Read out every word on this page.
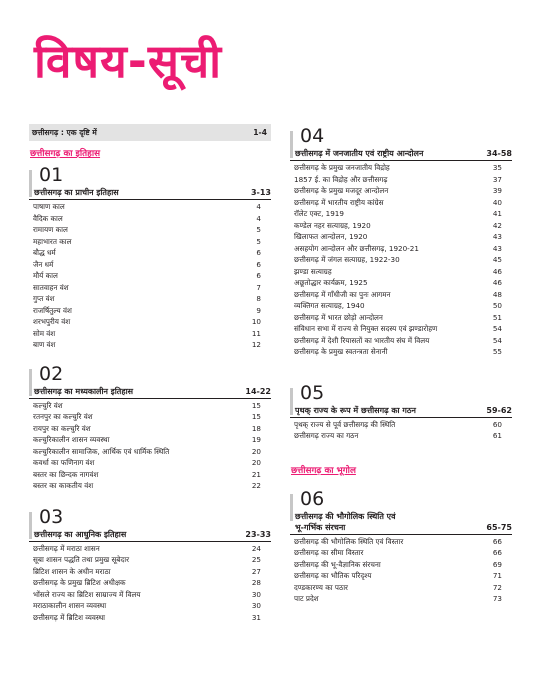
विषय-सूची
छत्तीसगढ़ : एक दृष्टि में	1-4
छत्तीसगढ़ का इतिहास
01
छत्तीसगढ़ का प्राचीन इतिहास	3-13
पाषाण काल	4
वैदिक काल	4
रामायण काल	5
महाभारत काल	5
बौद्ध धर्म	6
जैन धर्म	6
मौर्य काल	6
सातवाहन वंश	7
गुप्त वंश	8
राजर्षितुल्य वंश	9
शरभपुरीय वंश	10
सोम वंश	11
बाण वंश	12
02
छत्तीसगढ़ का मध्यकालीन इतिहास	14-22
कल्चुरि वंश	15
रतनपुर का कल्चुरि वंश	15
रायपुर का कल्चुरि वंश	18
कल्चुरिकालीन शासन व्यवस्था	19
कल्चुरिकालीन सामाजिक, आर्थिक एवं धार्मिक स्थिति	20
कवर्धा का फणिनाग वंश	20
बस्तर का छिन्दक नागवंश	21
बस्तर का काकतीय वंश	22
03
छत्तीसगढ़ का आधुनिक इतिहास	23-33
छत्तीसगढ़ में मराठा शासन	24
सूबा शासन पद्धति तथा प्रमुख सूबेदार	25
ब्रिटिश शासन के अधीन मराठा	27
छत्तीसगढ़ के प्रमुख ब्रिटिश अधीक्षक	28
भोंसले राज्य का ब्रिटिश साम्राज्य में विलय	30
मराठाकालीन शासन व्यवस्था	30
छत्तीसगढ़ में ब्रिटिश व्यवस्था	31
04
छत्तीसगढ़ में जनजातीय एवं राष्ट्रीय आन्दोलन	34-58
छत्तीसगढ़ के प्रमुख जनजातीय विद्रोह	35
1857 ई. का विद्रोह और छत्तीसगढ़	37
छत्तीसगढ़ के प्रमुख मजदूर आन्दोलन	39
छत्तीसगढ़ में भारतीय राष्ट्रीय कांग्रेस	40
रॉलेट एक्ट, 1919	41
कण्डेल नहर सत्याग्रह, 1920	42
खिलाफत आन्दोलन, 1920	43
असहयोग आन्दोलन और छत्तीसगढ़, 1920-21	43
छत्तीसगढ़ में जंगल सत्याग्रह, 1922-30	45
झण्डा सत्याग्रह	46
अछूतोद्धार कार्यक्रम, 1925	46
छत्तीसगढ़ में गाँधीजी का पुनः आगमन	48
व्यक्तिगत सत्याग्रह, 1940	50
छत्तीसगढ़ में भारत छोड़ो आन्दोलन	51
संविधान सभा में राज्य से नियुक्त सदस्य एवं झण्डारोहण	54
छत्तीसगढ़ में देशी रियासतों का भारतीय संघ में विलय	54
छत्तीसगढ़ के प्रमुख स्वतन्त्रता सेनानी	55
05
पृथक् राज्य के रूप में छत्तीसगढ़ का गठन	59-62
पृथक् राज्य से पूर्व छत्तीसगढ़ की स्थिति	60
छत्तीसगढ़ राज्य का गठन	61
छत्तीसगढ़ का भूगोल
06
छत्तीसगढ़ की भौगोलिक स्थिति एवं
भू-गर्भिक संरचना	65-75
छत्तीसगढ़ की भौगोलिक स्थिति एवं विस्तार	66
छत्तीसगढ़ का सीमा विस्तार	66
छत्तीसगढ़ की भू-वैज्ञानिक संरचना	69
छत्तीसगढ़ का भौतिक परिदृश्य	71
दण्डकारण्य का पठार	72
पाट प्रदेश	73
